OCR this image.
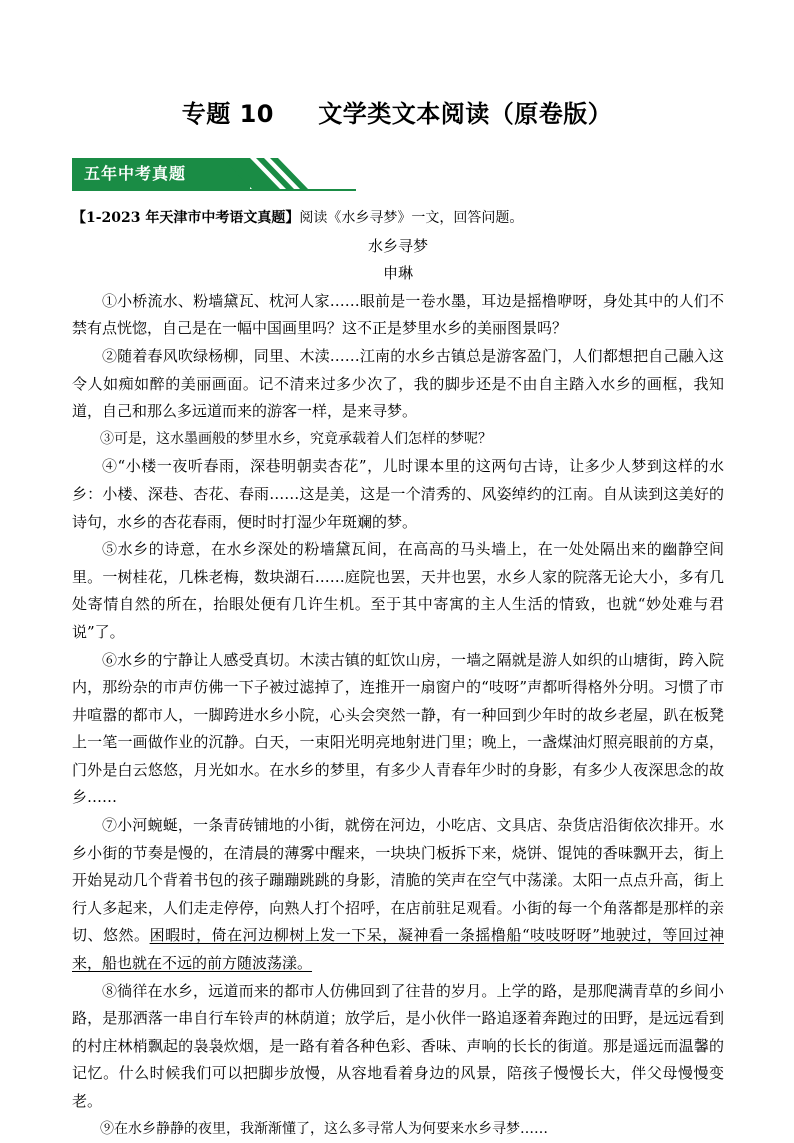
专题 10     文学类文本阅读（原卷版）
五年中考真题

【1-2023 年天津市中考语文真题】阅读《水乡寻梦》一文，回答问题。

水乡寻梦

申琳

①小桥流水、粉墙黛瓦、枕河人家……眼前是一卷水墨，耳边是摇橹咿呀，身处其中的人们不禁有点恍惚，自己是在一幅中国画里吗？这不正是梦里水乡的美丽图景吗？

②随着春风吹绿杨柳，同里、木渎……江南的水乡古镇总是游客盈门，人们都想把自己融入这令人如痴如醉的美丽画面。记不清来过多少次了，我的脚步还是不由自主踏入水乡的画框，我知道，自己和那么多远道而来的游客一样，是来寻梦。

③可是，这水墨画般的梦里水乡，究竟承载着人们怎样的梦呢？

④“小楼一夜听春雨，深巷明朝卖杏花”，儿时课本里的这两句古诗，让多少人梦到这样的水乡：小楼、深巷、杏花、春雨……这是美，这是一个清秀的、风姿绰约的江南。自从读到这美好的诗句，水乡的杏花春雨，便时时打湿少年斑斓的梦。

⑤水乡的诗意，在水乡深处的粉墙黛瓦间，在高高的马头墙上，在一处处隔出来的幽静空间里。一树桂花，几株老梅，数块湖石……庭院也罢，天井也罢，水乡人家的院落无论大小，多有几处寄情自然的所在，抬眼处便有几许生机。至于其中寄寓的主人生活的情致，也就“妙处难与君说”了。

⑥水乡的宁静让人感受真切。木渎古镇的虹饮山房，一墙之隔就是游人如织的山塘街，跨入院内，那纷杂的市声仿佛一下子被过滤掉了，连推开一扇窗户的“吱呀”声都听得格外分明。习惯了市井喧嚣的都市人，一脚跨进水乡小院，心头会突然一静，有一种回到少年时的故乡老屋，趴在板凳上一笔一画做作业的沉静。白天，一束阳光明亮地射进门里；晚上，一盏煤油灯照亮眼前的方桌，门外是白云悠悠，月光如水。在水乡的梦里，有多少人青春年少时的身影，有多少人夜深思念的故乡……

⑦小河蜿蜒，一条青砖铺地的小街，就傍在河边，小吃店、文具店、杂货店沿街依次排开。水乡小街的节奏是慢的，在清晨的薄雾中醒来，一块块门板拆下来，烧饼、馄饨的香味飘开去，街上开始晃动几个背着书包的孩子蹦蹦跳跳的身影，清脆的笑声在空气中荡漾。太阳一点点升高，街上行人多起来，人们走走停停，向熟人打个招呼，在店前驻足观看。小街的每一个角落都是那样的亲切、悠然。困暇时，倚在河边柳树上发一下呆，凝神看一条摇橹船“吱吱呀呀”地驶过，等回过神来，船也就在不远的前方随波荡漾。

⑧徜徉在水乡，远道而来的都市人仿佛回到了往昔的岁月。上学的路，是那爬满青草的乡间小路，是那洒落一串自行车铃声的林荫道；放学后，是小伙伴一路追逐着奔跑过的田野，是远远看到的村庄林梢飘起的袅袅炊烟，是一路有着各种色彩、香味、声响的长长的街道。那是遥远而温馨的记忆。什么时候我们可以把脚步放慢，从容地看着身边的风景，陪孩子慢慢长大，伴父母慢慢变老。

⑨在水乡静静的夜里，我渐渐懂了，这么多寻常人为何要来水乡寻梦……
